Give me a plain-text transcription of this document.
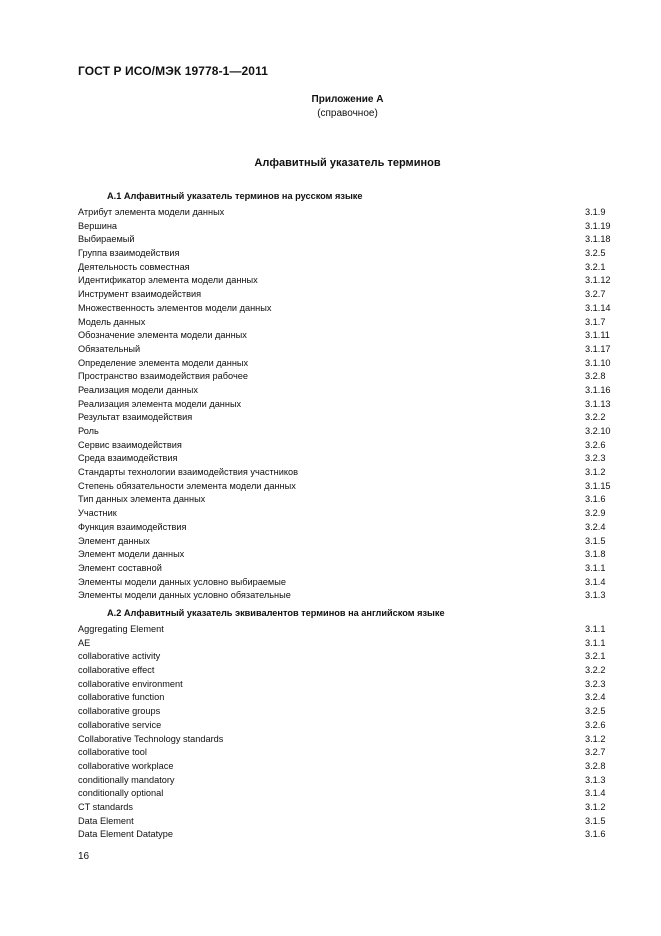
ГОСТ Р ИСО/МЭК 19778-1—2011
Приложение А
(справочное)
Алфавитный указатель терминов
А.1 Алфавитный указатель терминов на русском языке
Атрибут элемента модели данных	3.1.9
Вершина	3.1.19
Выбираемый	3.1.18
Группа взаимодействия	3.2.5
Деятельность совместная	3.2.1
Идентификатор элемента модели данных	3.1.12
Инструмент взаимодействия	3.2.7
Множественность элементов модели данных	3.1.14
Модель данных	3.1.7
Обозначение элемента модели данных	3.1.11
Обязательный	3.1.17
Определение элемента модели данных	3.1.10
Пространство взаимодействия рабочее	3.2.8
Реализация модели данных	3.1.16
Реализация элемента модели данных	3.1.13
Результат взаимодействия	3.2.2
Роль	3.2.10
Сервис взаимодействия	3.2.6
Среда взаимодействия	3.2.3
Стандарты технологии взаимодействия участников	3.1.2
Степень обязательности элемента модели данных	3.1.15
Тип данных элемента данных	3.1.6
Участник	3.2.9
Функция взаимодействия	3.2.4
Элемент данных	3.1.5
Элемент модели данных	3.1.8
Элемент составной	3.1.1
Элементы модели данных условно выбираемые	3.1.4
Элементы модели данных условно обязательные	3.1.3
А.2 Алфавитный указатель эквивалентов терминов на английском языке
Aggregating Element	3.1.1
AE	3.1.1
collaborative activity	3.2.1
collaborative effect	3.2.2
collaborative environment	3.2.3
collaborative function	3.2.4
collaborative groups	3.2.5
collaborative service	3.2.6
Collaborative Technology standards	3.1.2
collaborative tool	3.2.7
collaborative workplace	3.2.8
conditionally mandatory	3.1.3
conditionally optional	3.1.4
CT standards	3.1.2
Data Element	3.1.5
Data Element Datatype	3.1.6
16
